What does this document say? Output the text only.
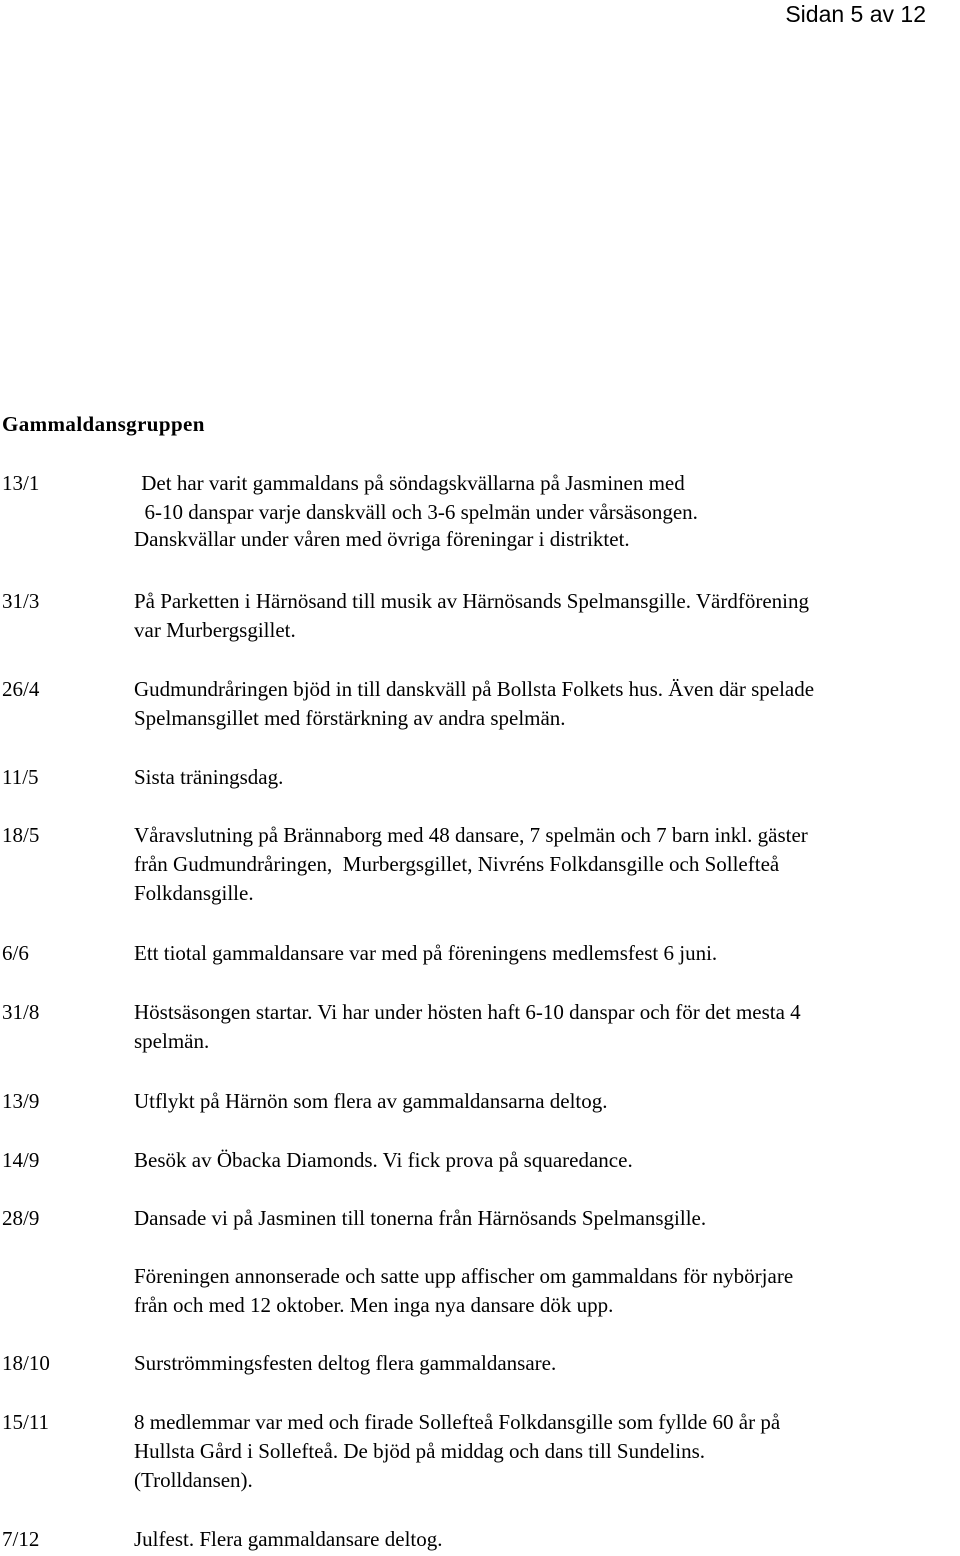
Sidan 5 av 12
Gammaldansgruppen
13/1	Det har varit gammaldans på söndagskvällarna på Jasminen med
6-10 danspar varje danskväll och 3-6 spelmän under vårsäsongen.
Danskvällar under våren med övriga föreningar i distriktet.
31/3	På Parketten i Härnösand till musik av Härnösands Spelmansgille. Värdförening
var Murbergsgillet.
26/4	Gudmundråringen bjöd in till danskväll på Bollsta Folkets hus. Även där spelade
Spelmansgillet med förstärkning av andra spelmän.
11/5	Sista träningsdag.
18/5	Våravslutning på Brännaborg med 48 dansare, 7 spelmän och 7 barn inkl. gäster
från Gudmundråringen,  Murbergsgillet, Nivréns Folkdansgille och Sollefteå
Folkdansgille.
6/6	Ett tiotal gammaldansare var med på föreningens medlemsfest 6 juni.
31/8	Höstsäsongen startar. Vi har under hösten haft 6-10 danspar och för det mesta 4
spelmän.
13/9	Utflykt på Härnön som flera av gammaldansarna deltog.
14/9	Besök av Öbacka Diamonds. Vi fick prova på squaredance.
28/9	Dansade vi på Jasminen till tonerna från Härnösands Spelmansgille.
Föreningen annonserade och satte upp affischer om gammaldans för nybörjare
från och med 12 oktober. Men inga nya dansare dök upp.
18/10	Surströmmingsfesten deltog flera gammaldansare.
15/11	8 medlemmar var med och firade Sollefteå Folkdansgille som fyllde 60 år på
Hullsta Gård i Sollefteå. De bjöd på middag och dans till Sundelins.
(Trolldansen).
7/12	Julfest. Flera gammaldansare deltog.
